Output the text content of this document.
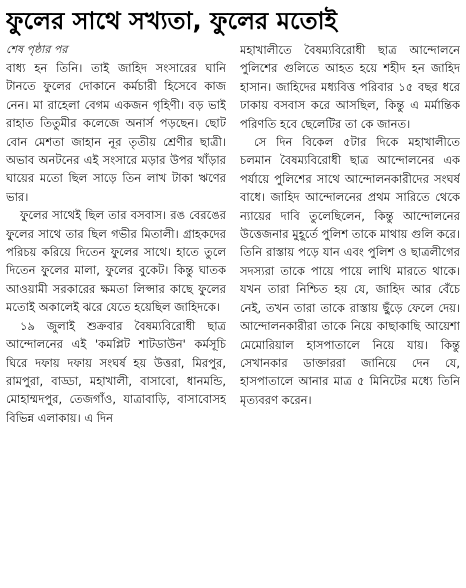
ফুলের সাথে সখ্যতা, ফুলের মতোই
শেষ পৃষ্ঠার পর

বাধ্য হন তিনি। তাই জাহিদ সংসারের ঘানি টানতে ফুলের দোকানে কর্মচারী হিসেবে কাজ নেন। মা রাহেলা বেগম একজন গৃহিণী। বড় ভাই রাহাত তিতুমীর কলেজে অনার্স পড়ছেন। ছোট বোন মেশতা জাহান নূর তৃতীয় শ্রেণীর ছাত্রী। অভাব অনটনের এই সংসারে মড়ার উপর খাঁড়ার ঘায়ের মতো ছিল সাড়ে তিন লাখ টাকা ঋণের ভার।

ফুলের সাথেই ছিল তার বসবাস। রঙ বেরঙের ফুলের সাথে তার ছিল গভীর মিতালী। গ্রাহকদের পরিচয় করিয়ে দিতেন ফুলের সাথে। হাতে তুলে দিতেন ফুলের মালা, ফুলের বুকেট। কিন্তু ঘাতক আওয়ামী সরকারের ক্ষমতা লিপ্সার কাছে ফুলের মতোই অকালেই ঝরে যেতে হয়েছিল জাহিদকে।

১৯ জুলাই শুক্রবার বৈষম্যবিরোধী ছাত্র আন্দোলনের এই 'কমপ্লিট শাটডাউন' কর্মসূচি ঘিরে দফায় দফায় সংঘর্ষ হয় উত্তরা, মিরপুর, রামপুরা, বাড্ডা, মহাখালী, বাসাবো, ধানমন্ডি, মোহাম্মদপুর, তেজগাঁও, যাত্রাবাড়ি, বাসাবোসহ বিভিন্ন এলাকায়। এ দিন

মহাখালীতে বৈষম্যবিরোধী ছাত্র আন্দোলনে পুলিশের গুলিতে আহত হয়ে শহীদ হন জাহিদ হাসান। জাহিদের মধ্যবিত্ত পরিবার ১৫ বছর ধরে ঢাকায় বসবাস করে আসছিল, কিন্তু এ মর্মান্তিক পরিণতি হবে ছেলেটির তা কে জানত।

সে দিন বিকেল ৫টার দিকে মহাখালীতে চলমান বৈষম্যবিরোধী ছাত্র আন্দোলনের এক পর্যায়ে পুলিশের সাথে আন্দোলনকারীদের সংঘর্ষ বাধে। জাহিদ আন্দোলনের প্রথম সারিতে থেকে ন্যায়ের দাবি তুলেছিলেন, কিন্তু আন্দোলনের উত্তেজনার মুহূর্তে পুলিশ তাকে মাথায় গুলি করে। তিনি রাস্তায় পড়ে যান এবং পুলিশ ও ছাত্রলীগের সদস্যরা তাকে পায়ে পায়ে লাথি মারতে থাকে। যখন তারা নিশ্চিত হয় যে, জাহিদ আর বেঁচে নেই, তখন তারা তাকে রাস্তায় ছুঁড়ে ফেলে দেয়। আন্দোলনকারীরা তাকে নিয়ে কাছাকাছি আয়েশা মেমোরিয়াল হাসপাতালে নিয়ে যায়। কিন্তু সেখানকার ডাক্তাররা জানিয়ে দেন যে, হাসপাতালে আনার মাত্র ৫ মিনিটের মধ্যে তিনি মৃত্যবরণ করেন।
